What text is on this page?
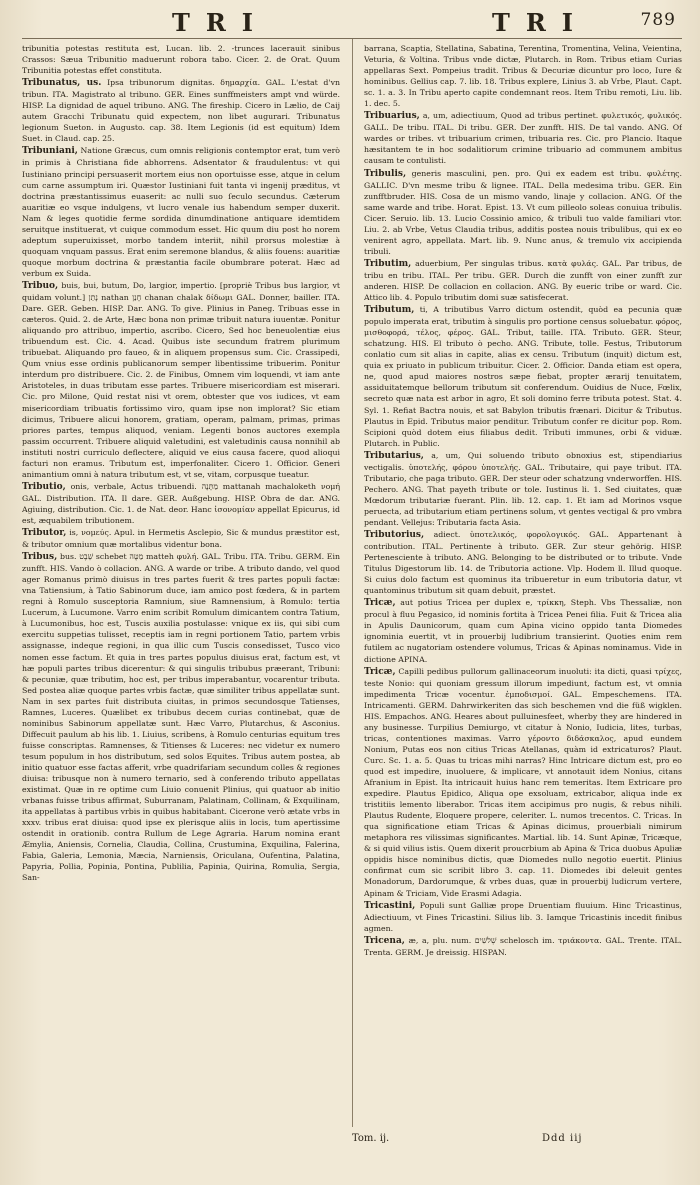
TRI	TRI	789

tribunitia potestas restituta est, Lucan. lib. 2. -trunces lacerauit sinibus Crassos: Sæua Tribunitio maduerunt robora tabo. Cicer. 2. de Orat. Quum Tribunitia potestas effet constituta.

Tribunatus, us. Ipsa tribunorum dignitas. δημαρχία. GAL. L'estat d'vn tribun. ITA. Magistrato al tribuno. GER. Eines sunffmeisters ampt vnd würde. HISP. La dignidad de aquel tribuno. ANG. The fireship. Cicero in Lælio, de Caij autem Gracchi Tribunatu quid expectem, non libet augurari. Tribunatus legionum Sueton. in Augusto. cap. 38. Item Legionis (id est equitum) Idem Suet. in Claud. cap. 25.

Tribuniani, Natione Græcus, cum omnis religionis contemptor erat, tum verò in primis à Christiana fide abhorrens. Adsentator & fraudulentus: vt qui Iustiniano principi persuaserit mortem eius non oportuisse esse, atque in celum cum carne assumptum iri. Quæstor Iustiniani fuit tanta vi ingenij præditus, vt doctrina præstantissimus euaserit: ac nulli suo ſeculo secundus. Cæterum auaritiæ eo vsque indulgens, vt lucro venale ius habendum semper duxerit. Nam & leges quotidie ferme sordida dinumdinatione antiquare idemtidem seruitque instituerat, vt cuique commodum esset. Hic quum diu post ho norem adeptum superuixisset, morbo tandem interiit, nihil prorsus molestiæ à quoquam vnquam passus. Erat enim seremone blandus, & aliis fouens: auaritiæ quoque morbum doctrina & præstantia facile obumbrare poterat. Hæc ad verbum ex Suida.

Tribuo, buis, bui, butum, Do, largior, impertio. [propriè Tribus bus largior, vt quidam volunt.] נָתַן nathan חָנַן chanan chalak δίδωμι GAL. Donner, bailler. ITA. Dare. GER. Geben. HISP. Dar. ANG. To give. Plinius in Paneg. Tribuas esse in cæteros. Quid. 2. de Arte, Hæc bona non primæ tribuit natura iuuentæ. Ponitur aliquando pro attribuo, impertio, ascribo. Cicero, Sed hoc beneuolentiæ eius tribuendum est. Cic. 4. Acad. Quibus iste secundum fratrem plurimum tribuebat. Aliquando pro faueo, & in aliquem propensus sum. Cic. Crassipedi, Qum vnius esse ordinis publicanorum semper libentissime tribuerim. Ponitur interdum pro distribuere. Cic. 2. de Finibus, Omnem vim loquendi, vt iam ante Aristoteles, in duas tributam esse partes. Tribuere misericordiam est miserari. Cic. pro Milone, Quid restat nisi vt orem, obtester que vos iudices, vt eam misericordiam tribuatis fortissimo viro, quam ipse non implorat? Sic etiam dicimus, Tribuere alicui honorem, gratiam, operam, palmam, primas, primas priores partes, tempus aliquod, veniam. Legenti bonos auctores exempla passim occurrent. Tribuere aliquid valetudini, est valetudinis causa nonnihil ab instituti nostri curriculo deflectere, aliquid ve eius causa facere, quod alioqui facturi non eramus. Tributum est, imperfonaliter. Cicero 1. Officior. Generi animantium omni à natura tributum est, vt se, vitam, corpusque tueatur.

Tributio, onis, verbale, Actus tribuendi. מַתָּנָה mattanah machaloketh νομή GAL. Distribution. ITA. Il dare. GER. Außgebung. HISP. Obra de dar. ANG. Agiuing, distribution. Cic. 1. de Nat. deor. Hanc ἰσονομίαν appellat Epicurus, id est, æquabilem tributionem.

Tributor, is, νομεύς. Apul. in Hermetis Asclepio, Sic & mundus præstitor est, & tributor omnium quæ mortalibus videntur bona.

Tribus, bus. שֵׁבֶט schebet מַטֶּה matteh φυλή. GAL. Tribu. ITA. Tribu. GERM. Ein zunfft. HIS. Vando ò collacion. ANG. A warde or tribe. A tributo dando, vel quod ager Romanus primò diuisus in tres partes fuerit & tres partes populi factæ: vna Tatiensium, à Tatio Sabinorum duce, iam amico post fœdera, & in partem regni à Romulo susceptoria Ramnium, siue Ramnensium, à Romulo: tertia Lucerum, à Lucumone. Varro enim scribit Romulum dimicantem contra Tatium, à Lucumonibus, hoc est, Tuscis auxilia postulasse: vnique ex iis, qui sibi cum exercitu suppetias tulisset, receptis iam in regni portionem Tatio, partem vrbis assignasse, indeque regioni, in qua illic cum Tuscis consedisset, Tusco vico nomen esse factum. Et quia in tres partes populus diuisus erat, factum est, vt hæ populi partes tribus dicerentur: & qui singulis tribubus præerant, Tribuni: & pecuniæ, quæ tributim, hoc est, per tribus imperabantur, vocarentur tributa. Sed postea aliæ quoque partes vrbis factæ, quæ similiter tribus appellatæ sunt. Nam in sex partes fuit distributa ciuitas, in primos secundosque Tatienses, Ramnes, Luceres. Quælibet ex tribubus decem curias continebat, quæ de nominibus Sabinorum appellatæ sunt. Hæc Varro, Plutarchus, & Asconius. Diffecuit paulum ab his lib. 1. Liuius, scribens, à Romulo centurias equitum tres fuisse conscriptas. Ramnenses, & Titienses & Luceres: nec videtur ex numero tesum populum in hos distributum, sed solos Equites. Tribus autem postea, ab initio quatuor esse factas afferit, vrbe quadrifariam secundum colles & regiones diuisa: tribusque non à numero ternario, sed à conferendo tributo appellatas existimat. Quæ in re optime cum Liuio conuenit Plinius, qui quatuor ab initio vrbanas fuisse tribus affirmat, Suburranam, Palatinam, Collinam, & Exquilinam, ita appellatas à partibus vrbis in quibus habitabant. Cicerone verò ætate vrbs in xxxv. tribus erat diuisa: quod ipse ex plerisque aliis in locis, tum apertissime ostendit in orationib. contra Rullum de Lege Agraria. Harum nomina erant Æmylia, Aniensis, Cornelia, Claudia, Collina, Crustumina, Exquilina, Falerina, Fabia, Galeria, Lemonia, Mæcia, Narniensis, Oriculana, Oufentina, Palatina, Papyria, Pollia, Popinia, Pontina, Publilia, Papinia, Quirina, Romulia, Sergia, San-

barrana, Scaptia, Stellatina, Sabatina, Terentina, Tromentina, Velina, Veientina, Veturia, & Voltina. Tribus vnde dictæ, Plutarch. in Rom. Tribus etiam Curias appellaras Sext. Pompeius tradit. Tribus & Decuriæ dicuntur pro loco, Iure & hominibus. Gellius cap. 7. lib. 18. Tribus explere, Linius 3. ab Vrbe, Plaut. Capt. sc. 1. a. 3. In Tribu aperto capite condemnant reos. Item Tribu remoti, Liu. lib. 1. dec. 5.

Tribuarius, a, um, adiectiuum, Quod ad tribus pertinet. φυλετικός, φυλικός. GALL. De tribu. ITAL. Di tribu. GER. Der zunfft. HIS. De tal vando. ANG. Of wardes or tribes. vt tribuarium crimen, tribuaria res. Cic. pro Plancio. Itaque hæsitantem te in hoc sodalitiorum crimine tribuario ad communem ambitus causam te contulisti.

Tribulis, generis masculini, pen. pro. Qui ex eadem est tribu. φυλέτης. GALLIC. D'vn mesme tribu & lignee. ITAL. Della medesima tribu. GER. Ein zunfftbruder. HIS. Cosa de un mismo vando, linaje y collacion. ANG. Of the same warde and tribe. Horat. Epist. 13. Vt cum pilleolo soleas conuiua tribulis. Cicer. Seruio. lib. 13. Lucio Cossinio amico, & tribuli tuo valde familiari vtor. Liu. 2. ab Vrbe, Vetus Claudia tribus, additis postea nouis tribulibus, qui ex eo venirent agro, appellata. Mart. lib. 9. Nunc anus, & tremulo vix accipienda tribuli.

Tributim, aduerbium, Per singulas tribus. κατὰ φυλάς. GAL. Par tribus, de tribu en tribu. ITAL. Per tribu. GER. Durch die zunfft von einer zunfft zur anderen. HISP. De collacion en collacion. ANG. By eueric tribe or ward. Cic. Attico lib. 4. Populo tributim domi suæ satisfecerat.

Tributum, ti, A tributibus Varro dictum ostendit, quòd ea pecunia quæ populo imperata erat, tributim à singulis pro portione census soluebatur. φόρος, μισθοφορά, τέλος, φέρος. GAL. Tribut, taille. ITA. Tributo. GER. Steur, schatzung. HIS. El tributo ò pecho. ANG. Tribute, tolle. Festus, Tributorum conlatio cum sit alias in capite, alias ex censu. Tributum (inquit) dictum est, quia ex priuato in publicum tribuitur. Cicer. 2. Officior. Danda etiam est opera, ne, quod apud maiores nostros sæpe fiebat, propter ærarij tenuitatem, assiduitatemque bellorum tributum sit conferendum. Ouidius de Nuce, Fœlix, secreto quæ nata est arbor in agro, Et soli domino ferre tributa potest. Stat. 4. Syl. 1. Refiat Bactra nouis, et sat Babylon tributis frænari. Dicitur & Tributus. Plautus in Epid. Tributus maior penditur. Tributum confer re dicitur pop. Rom. Scipioni quòd dotem eius filiabus dedit. Tributi immunes, orbi & viduæ. Plutarch. in Public.

Tributarius, a, um, Qui soluendo tributo obnoxius est, stipendiarius vectigalis. ὑποτελής, φόρου ὑποτελής. GAL. Tributaire, qui paye tribut. ITA. Tributario, che paga tributo. GER. Der steur oder schatzung vnderworffen. HIS. Pechero. ANG. That payeth tribute or tole. Iustinus li. 1. Sed ciuitates, quæ Mœdorum tributariæ fuerant. Plin. lib. 12. cap. 1. Et iam ad Morinos vsque peruecta, ad tributarium etiam pertinens solum, vt gentes vectigal & pro vmbra pendant. Vellejus: Tributaria facta Asia.

Tributorius, adiect. ὑποτελικός, φορολογικός. GAL. Appartenant à contribution. ITAL. Pertinente à tributo. GER. Zur steur gehörig. HISP. Pertenesciente à tributo. ANG. Belonging to be distributed or to tribute. Vnde Titulus Digestorum lib. 14. de Tributoria actione. Vlp. Hodem ll. Illud quoque. Si cuius dolo factum est quominus ita tribueretur in eum tributoria datur, vt quantominus tributum sit quam debuit, præstet.

Tricæ, aut potius Tricea per duplex e, τρίκκη, Steph. Vbs Thessaliæ, non procul à fluu Pegasico, id nominis fortita à Tricea Penei filia. Fuit & Tricea alia in Apulis Daunicorum, quam cum Apina vicino oppido tanta Diomedes ignominia euertit, vt in prouerbij ludibrium transierint. Quoties enim rem futilem ac nugatoriam ostendere volumus, Tricas & Apinas nominamus. Vide in dictione APINA.

Tricæ, Capilli pedibus pullorum gallinaceorum inuoluti: ita dicti, quasi τρίχες, teste Nonio: qui quoniam gressum illorum impediunt, factum est, vt omnia impedimenta Tricæ vocentur. ἐμποδισμοί. GAL. Empeschemens. ITA. Intricamenti. GERM. Dahrwirkeriten das sich beschemen vnd die füß wigklen. HIS. Empachos. ANG. Heares about pulluinesfeet, wherby they are hindered in any businesse. Turpilius Demiurgo, vt citatur à Nonio, Iudicia, lites, turbas, tricas, contentiones maximas. Varro γέροντο διδάσκαλος, apud eundem Nonium, Putas eos non citius Tricas Atellanas, quàm id extricaturos? Plaut. Curc. Sc. 1. a. 5. Quas tu tricas mihi narras? Hinc Intricare dictum est, pro eo quod est impedire, inuoluere, & implicare, vt annotauit idem Nonius, citans Afranium in Epist. Ita intricauit huius hanc rem temeritas. Item Extricare pro expedire. Plautus Epidico, Aliqua ope exsoluam, extricabor, aliqua inde ex tristitiis lemento liberabor. Tricas item accipimus pro nugis, & rebus nihili. Plautus Rudente, Eloquere propere, celeriter. L. numos trecentos. C. Tricas. In qua significatione etiam Tricas & Apinas dicimus, prouerbiali nimirum metaphora res vilissimas significantes. Martial. lib. 14. Sunt Apinæ, Tricæque, & si quid vilius istis. Quem dixerit proucrbium ab Apina & Trica duobus Apuliæ oppidis hisce nominibus dictis, quæ Diomedes nullo negotio euertit. Plinius confirmat cum sic scribit libro 3. cap. 11. Diomedes ibi deleuit gentes Monadorum, Dardorumque, & vrbes duas, quæ in prouerbij ludicrum vertere, Apinam & Triciam, Vide Erasmi Adagia.

Tricastini, Populi sunt Galliæ prope Druentiam fluuium. Hinc Tricastinus, Adiectiuum, vt Fines Tricastini. Silius lib. 3. Iamque Tricastinis incedit finibus agmen.

Tricena, æ, a, plu. num. שְׁלשִׁים schelosch im. τριάκοντα. GAL. Trente. ITAL. Trenta. GERM. Je dreissig. HISPAN.

Tom. ij.	Ddd iij
